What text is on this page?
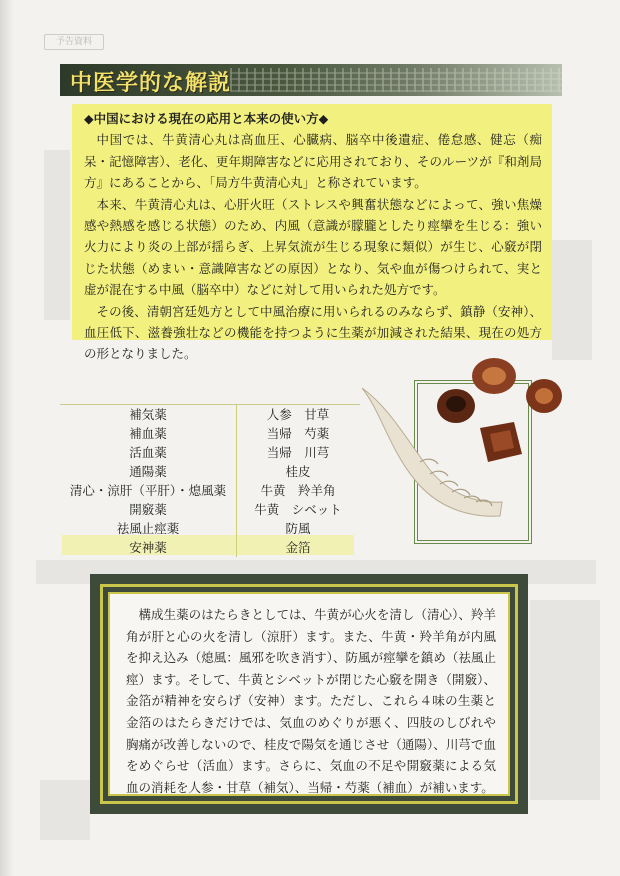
予告資料
中医学的な解説

◆中国における現在の応用と本来の使い方◆

中国では、牛黄清心丸は高血圧、心臓病、脳卒中後遺症、倦怠感、健忘（痴呆・記憶障害）、老化、更年期障害などに応用されており、そのルーツが『和剤局方』にあることから、「局方牛黄清心丸」と称されています。

本来、牛黄清心丸は、心肝火旺（ストレスや興奮状態などによって、強い焦燥感や熱感を感じる状態）のため、内風（意識が朦朧としたり痙攣を生じる：強い火力により炎の上部が揺らぎ、上昇気流が生じる現象に類似）が生じ、心竅が閉じた状態（めまい・意識障害などの原因）となり、気や血が傷つけられて、実と虚が混在する中風（脳卒中）などに対して用いられた処方です。

その後、清朝宮廷処方として中風治療に用いられるのみならず、鎮静（安神）、血圧低下、滋養強壮などの機能を持つように生薬が加減された結果、現在の処方の形となりました。

補気薬	人参　甘草
補血薬	当帰　芍薬
活血薬	当帰　川芎
通陽薬	桂皮
清心・涼肝（平肝）・熄風薬	牛黄　羚羊角
開竅薬	牛黄　シベット
祛風止痙薬	防風
安神薬	金箔

構成生薬のはたらきとしては、牛黄が心火を清し（清心）、羚羊角が肝と心の火を清し（涼肝）ます。また、牛黄・羚羊角が内風を抑え込み（熄風：風邪を吹き消す）、防風が痙攣を鎮め（祛風止痙）ます。そして、牛黄とシベットが閉じた心竅を開き（開竅）、金箔が精神を安らげ（安神）ます。ただし、これら４味の生薬と金箔のはたらきだけでは、気血のめぐりが悪く、四肢のしびれや胸痛が改善しないので、桂皮で陽気を通じさせ（通陽）、川芎で血をめぐらせ（活血）ます。さらに、気血の不足や開竅薬による気血の消耗を人参・甘草（補気）、当帰・芍薬（補血）が補います。
